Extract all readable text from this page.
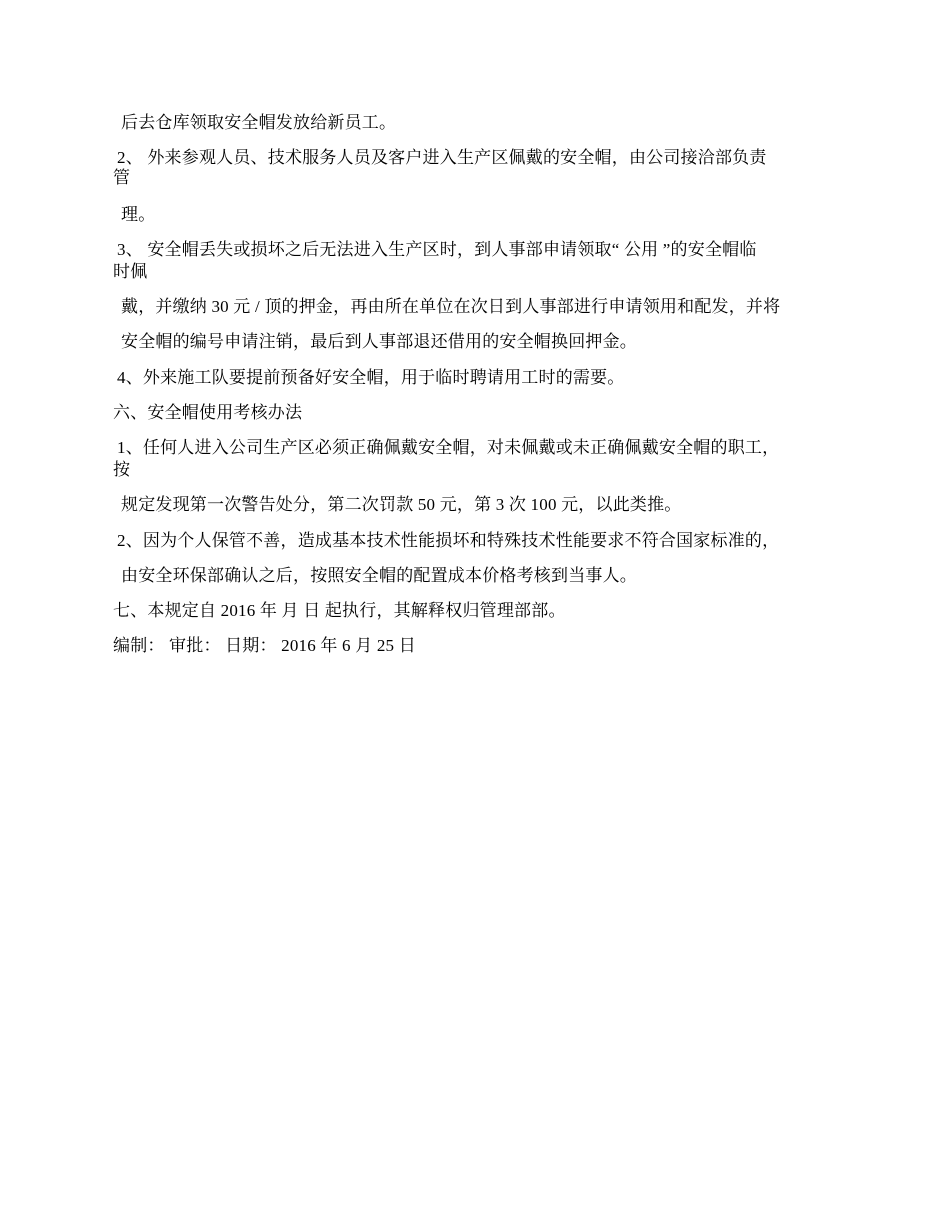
后去仓库领取安全帽发放给新员工。
2、 外来参观人员、技术服务人员及客户进入生产区佩戴的安全帽，由公司接洽部负责
管
理。
3、 安全帽丢失或损坏之后无法进入生产区时，到人事部申请领取“ 公用 ”的安全帽临
时佩
戴，并缴纳 30 元 / 顶的押金，再由所在单位在次日到人事部进行申请领用和配发，并将
安全帽的编号申请注销，最后到人事部退还借用的安全帽换回押金。
4、外来施工队要提前预备好安全帽，用于临时聘请用工时的需要。
六、安全帽使用考核办法
1、任何人进入公司生产区必须正确佩戴安全帽，对未佩戴或未正确佩戴安全帽的职工，
按
规定发现第一次警告处分，第二次罚款 50 元，第 3 次 100 元，以此类推。
2、因为个人保管不善，造成基本技术性能损坏和特殊技术性能要求不符合国家标准的，
由安全环保部确认之后，按照安全帽的配置成本价格考核到当事人。
七、本规定自 2016 年 月 日 起执行，其解释权归管理部部。
编制： 审批： 日期： 2016 年 6 月 25 日
